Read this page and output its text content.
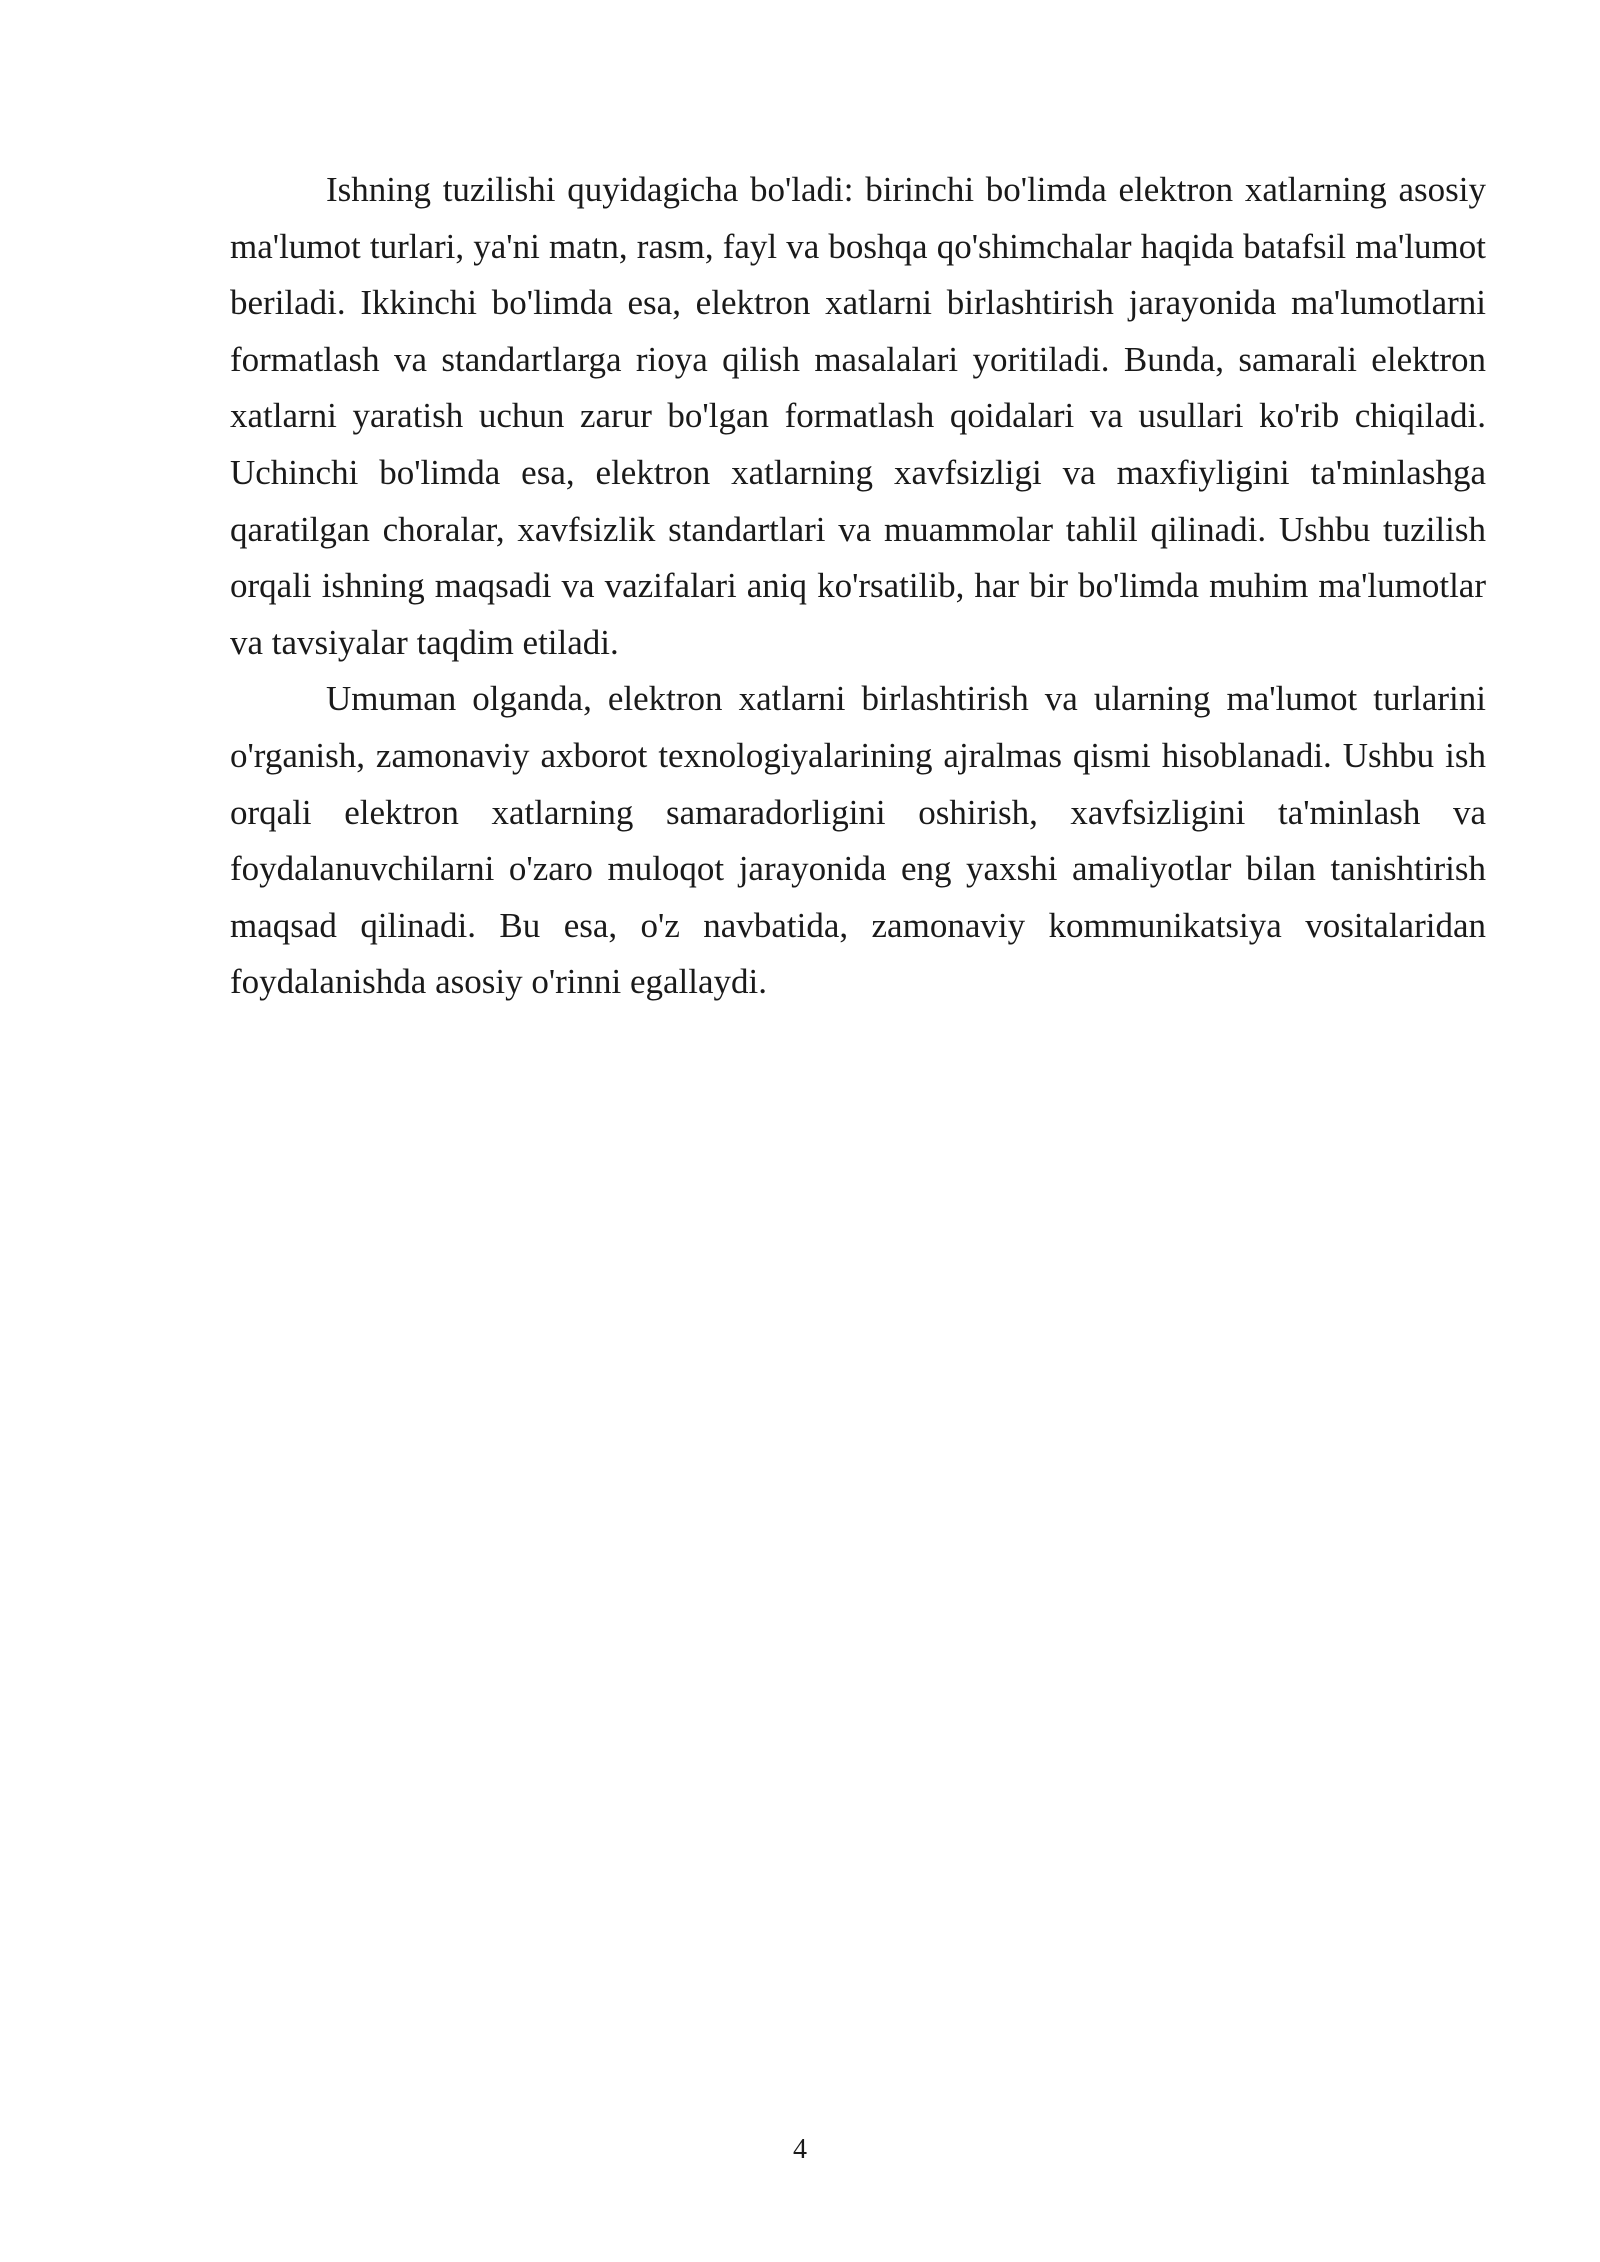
Ishning tuzilishi quyidagicha bo'ladi: birinchi bo'limda elektron xatlarning asosiy ma'lumot turlari, ya'ni matn, rasm, fayl va boshqa qo'shimchalar haqida batafsil ma'lumot beriladi. Ikkinchi bo'limda esa, elektron xatlarni birlashtirish jarayonida ma'lumotlarni formatlash va standartlarga rioya qilish masalalari yoritiladi. Bunda, samarali elektron xatlarni yaratish uchun zarur bo'lgan formatlash qoidalari va usullari ko'rib chiqiladi. Uchinchi bo'limda esa, elektron xatlarning xavfsizligi va maxfiyligini ta'minlashga qaratilgan choralar, xavfsizlik standartlari va muammolar tahlil qilinadi. Ushbu tuzilish orqali ishning maqsadi va vazifalari aniq ko'rsatilib, har bir bo'limda muhim ma'lumotlar va tavsiyalar taqdim etiladi.

Umuman olganda, elektron xatlarni birlashtirish va ularning ma'lumot turlarini o'rganish, zamonaviy axborot texnologiyalarining ajralmas qismi hisoblanadi. Ushbu ish orqali elektron xatlarning samaradorligini oshirish, xavfsizligini ta'minlash va foydalanuvchilarni o'zaro muloqot jarayonida eng yaxshi amaliyotlar bilan tanishtirish maqsad qilinadi. Bu esa, o'z navbatida, zamonaviy kommunikatsiya vositalaridan foydalanishda asosiy o'rinni egallaydi.

4
